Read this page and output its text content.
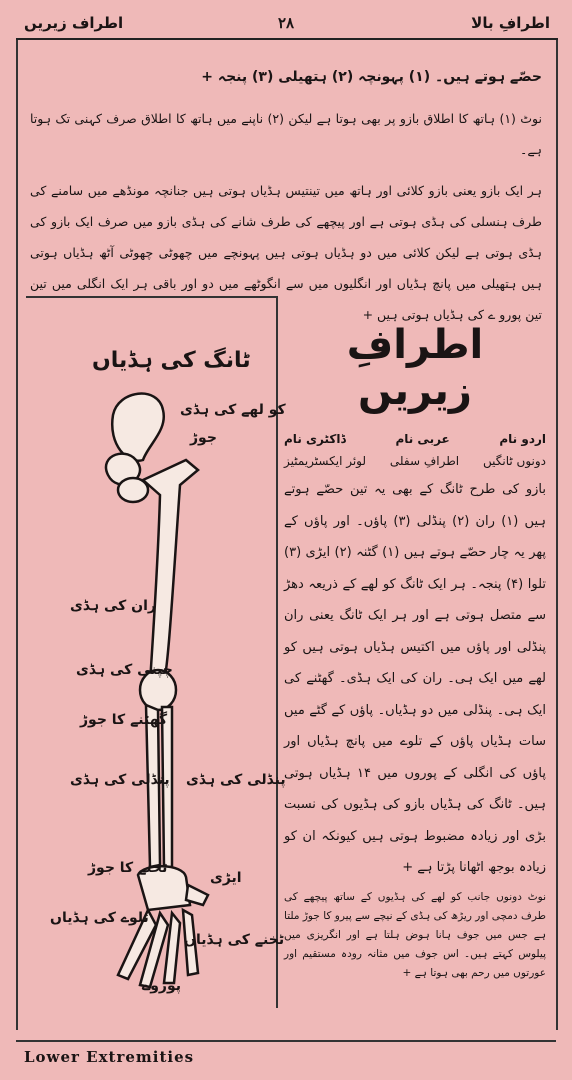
اطراف زیریں	۲۸	اطرافِ بالا

حصّے ہوتے ہیں۔ (۱) پہونچہ (۲) ہتھیلی (۳) پنجہ +

نوٹ (۱) ہاتھ کا اطلاق بازو پر بھی ہوتا ہے لیکن (۲) ناپنے میں ہاتھ کا اطلاق صرف کہنی تک ہوتا ہے۔

ہر ایک بازو یعنی بازو کلائی اور ہاتھ میں تینتیس ہڈیاں ہوتی ہیں جنانچہ مونڈھے میں سامنے کی طرف ہنسلی کی ہڈی ہوتی ہے اور پیچھے کی طرف شانے کی ہڈی بازو میں صرف ایک بازو کی ہڈی ہوتی ہے لیکن کلائی میں دو ہڈیاں ہوتی ہیں پہونچے میں چھوٹی چھوٹی آٹھ ہڈیاں ہوتی ہیں ہتھیلی میں پانچ ہڈیاں اور انگلیوں میں سے انگوٹھے میں دو اور باقی ہر ایک انگلی میں تین تین پورو ے کی ہڈیاں ہوتی ہیں +

ٹانگ کی ہڈیاں
کو لھے کی ہڈی
جوڑ
ران کی ہڈی
چپنی کی ہڈی
گھٹنے کا جوڑ
پنڈلی کی ہڈی
پنڈلی کی ہڈی
ٹخنے کا جوڑ
ایڑی
تلوے کی ہڈیاں
ٹخنے کی ہڈیاں
پوروے
اطرافِ زیریں
اردو نام
عربی نام
ڈاکٹری نام
دونوں ٹانگیں
اطرافِ سفلی
لوئر ایکسٹریمٹیز

بازو کی طرح ٹانگ کے بھی یہ تین حصّے ہوتے ہیں (۱) ران (۲) پنڈلی (۳) پاؤں۔ اور پاؤں کے پھر یہ چار حصّے ہوتے ہیں (۱) گٹنہ (۲) ایڑی (۳) تلوا (۴) پنجہ۔ ہر ایک ٹانگ کو لھے کے ذریعہ دھڑ سے متصل ہوتی ہے اور ہر ایک ٹانگ یعنی ران پنڈلی اور پاؤں میں اکتیس ہڈیاں ہوتی ہیں کو لھے میں ایک ہی۔ ران کی ایک ہڈی۔ گھٹنے کی ایک ہی۔ پنڈلی میں دو ہڈیاں۔ پاؤں کے گٹے میں سات ہڈیاں پاؤں کے تلوے میں پانچ ہڈیاں اور پاؤں کی انگلی کے پوروں میں ۱۴ ہڈیاں ہوتی ہیں۔ ٹانگ کی ہڈیاں بازو کی ہڈیوں کی نسبت بڑی اور زیادہ مضبوط ہوتی ہیں کیونکہ ان کو زیادہ بوجھ اٹھانا پڑتا ہے +

نوٹ دونوں جانب کو لھے کی ہڈیوں کے ساتھ پیچھے کی طرف دمچی اور ریڑھ کی ہڈی کے نیچے سے پیرو کا جوڑ ملتا ہے جس میں جوف ہانا ہوض ہلتا ہے اور انگریزی میں پیلوس کہتے ہیں۔ اس جوف میں مثانہ رودہ مستقیم اور عورتوں میں رحم بھی ہوتا ہے +

Lower Extremities
